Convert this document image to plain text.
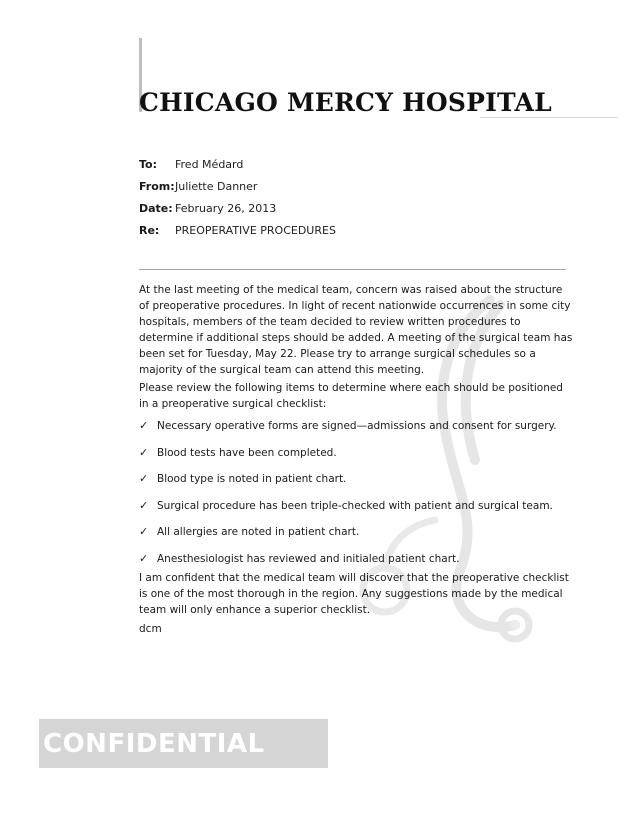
CHICAGO MERCY HOSPITAL
To:	Fred Médard
From: Juliette Danner
Date: February 26, 2013
Re:	PREOPERATIVE PROCEDURES
At the last meeting of the medical team, concern was raised about the structure of preoperative procedures. In light of recent nationwide occurrences in some city hospitals, members of the team decided to review written procedures to determine if additional steps should be added. A meeting of the surgical team has been set for Tuesday, May 22. Please try to arrange surgical schedules so a majority of the surgical team can attend this meeting.
Please review the following items to determine where each should be positioned in a preoperative surgical checklist:
✓ Necessary operative forms are signed—admissions and consent for surgery.
✓ Blood tests have been completed.
✓ Blood type is noted in patient chart.
✓ Surgical procedure has been triple-checked with patient and surgical team.
✓ All allergies are noted in patient chart.
✓ Anesthesiologist has reviewed and initialed patient chart.
I am confident that the medical team will discover that the preoperative checklist is one of the most thorough in the region. Any suggestions made by the medical team will only enhance a superior checklist.
dcm
CONFIDENTIAL
